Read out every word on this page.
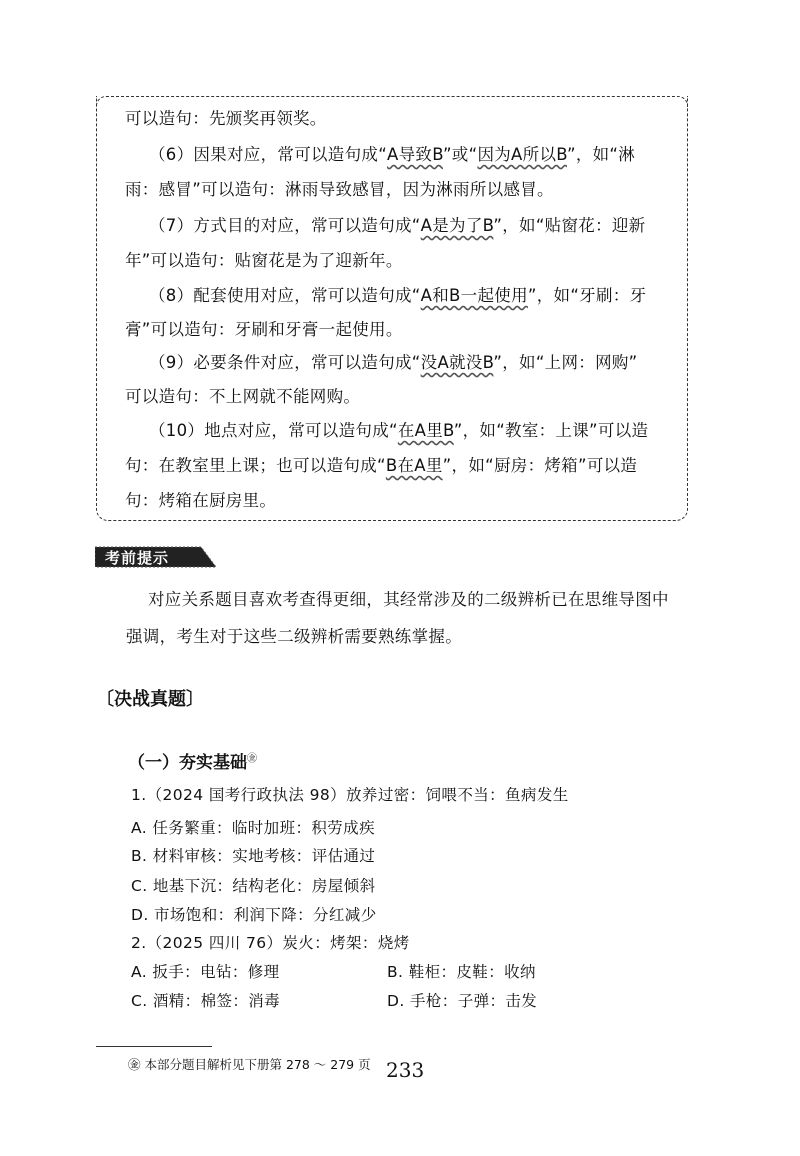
可以造句：先颁奖再领奖。
（6）因果对应，常可以造句成“A导致B”或“因为A所以B”，如“淋
雨：感冒”可以造句：淋雨导致感冒，因为淋雨所以感冒。
（7）方式目的对应，常可以造句成“A是为了B”，如“贴窗花：迎新
年”可以造句：贴窗花是为了迎新年。
（8）配套使用对应，常可以造句成“A和B一起使用”，如“牙刷：牙
膏”可以造句：牙刷和牙膏一起使用。
（9）必要条件对应，常可以造句成“没A就没B”，如“上网：网购”
可以造句：不上网就不能网购。
（10）地点对应，常可以造句成“在A里B”，如“教室：上课”可以造
句：在教室里上课；也可以造句成“B在A里”，如“厨房：烤箱”可以造
句：烤箱在厨房里。
考前提示
对应关系题目喜欢考查得更细，其经常涉及的二级辨析已在思维导图中
强调，考生对于这些二级辨析需要熟练掌握。
〔决战真题〕
（一）夯实基础㊎
1.（2024 国考行政执法 98）放养过密：饲喂不当：鱼病发生
A. 任务繁重：临时加班：积劳成疾
B. 材料审核：实地考核：评估通过
C. 地基下沉：结构老化：房屋倾斜
D. 市场饱和：利润下降：分红减少
2.（2025 四川 76）炭火：烤架：烧烤
A. 扳手：电钻：修理	B. 鞋柜：皮鞋：收纳
C. 酒精：棉签：消毒	D. 手枪：子弹：击发
㊎ 本部分题目解析见下册第 278 ～ 279 页 233
